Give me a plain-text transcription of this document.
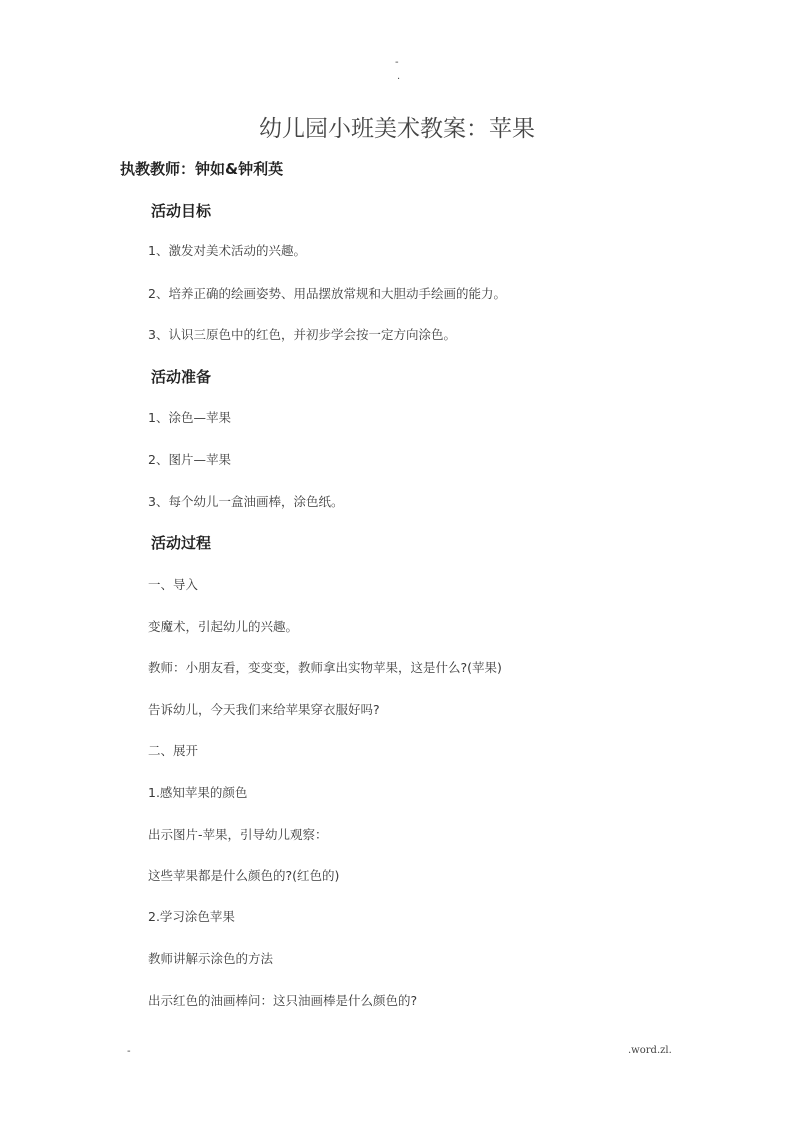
-
.
幼儿园小班美术教案：苹果
执教教师：钟如&钟利英
活动目标
1、激发对美术活动的兴趣。
2、培养正确的绘画姿势、用品摆放常规和大胆动手绘画的能力。
3、认识三原色中的红色，并初步学会按一定方向涂色。
活动准备
1、涂色—苹果
2、图片—苹果
3、每个幼儿一盒油画棒，涂色纸。
活动过程
一、导入
变魔术，引起幼儿的兴趣。
教师：小朋友看，变变变，教师拿出实物苹果，这是什么?(苹果)
告诉幼儿，今天我们来给苹果穿衣服好吗?
二、展开
1.感知苹果的颜色
出示图片-苹果，引导幼儿观察：
这些苹果都是什么颜色的?(红色的)
2.学习涂色苹果
教师讲解示涂色的方法
出示红色的油画棒问：这只油画棒是什么颜色的?
-	.word.zl.
